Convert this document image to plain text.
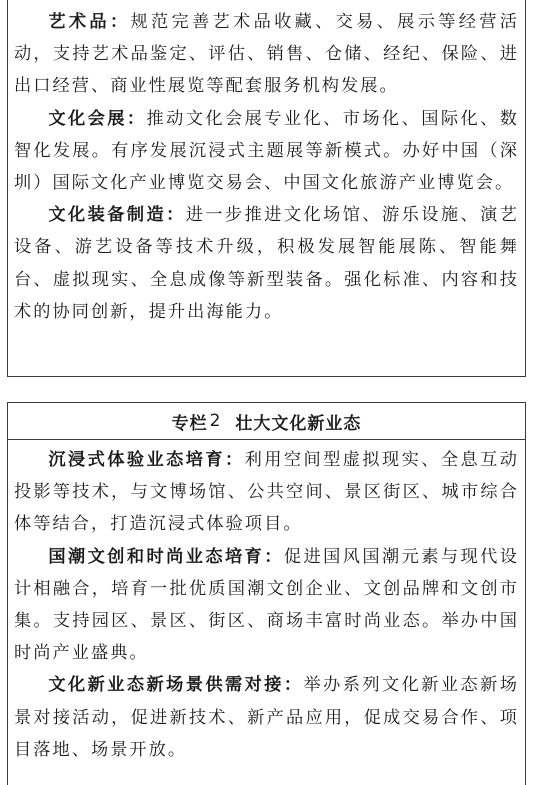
艺术品：规范完善艺术品收藏、交易、展示等经营活动，支持艺术品鉴定、评估、销售、仓储、经纪、保险、进出口经营、商业性展览等配套服务机构发展。

文化会展：推动文化会展专业化、市场化、国际化、数智化发展。有序发展沉浸式主题展等新模式。办好中国（深圳）国际文化产业博览交易会、中国文化旅游产业博览会。

文化装备制造：进一步推进文化场馆、游乐设施、演艺设备、游艺设备等技术升级，积极发展智能展陈、智能舞台、虚拟现实、全息成像等新型装备。强化标准、内容和技术的协同创新，提升出海能力。

专栏 2 壮大文化新业态

沉浸式体验业态培育：利用空间型虚拟现实、全息互动投影等技术，与文博场馆、公共空间、景区街区、城市综合体等结合，打造沉浸式体验项目。

国潮文创和时尚业态培育：促进国风国潮元素与现代设计相融合，培育一批优质国潮文创企业、文创品牌和文创市集。支持园区、景区、街区、商场丰富时尚业态。举办中国时尚产业盛典。

文化新业态新场景供需对接：举办系列文化新业态新场景对接活动，促进新技术、新产品应用，促成交易合作、项目落地、场景开放。
